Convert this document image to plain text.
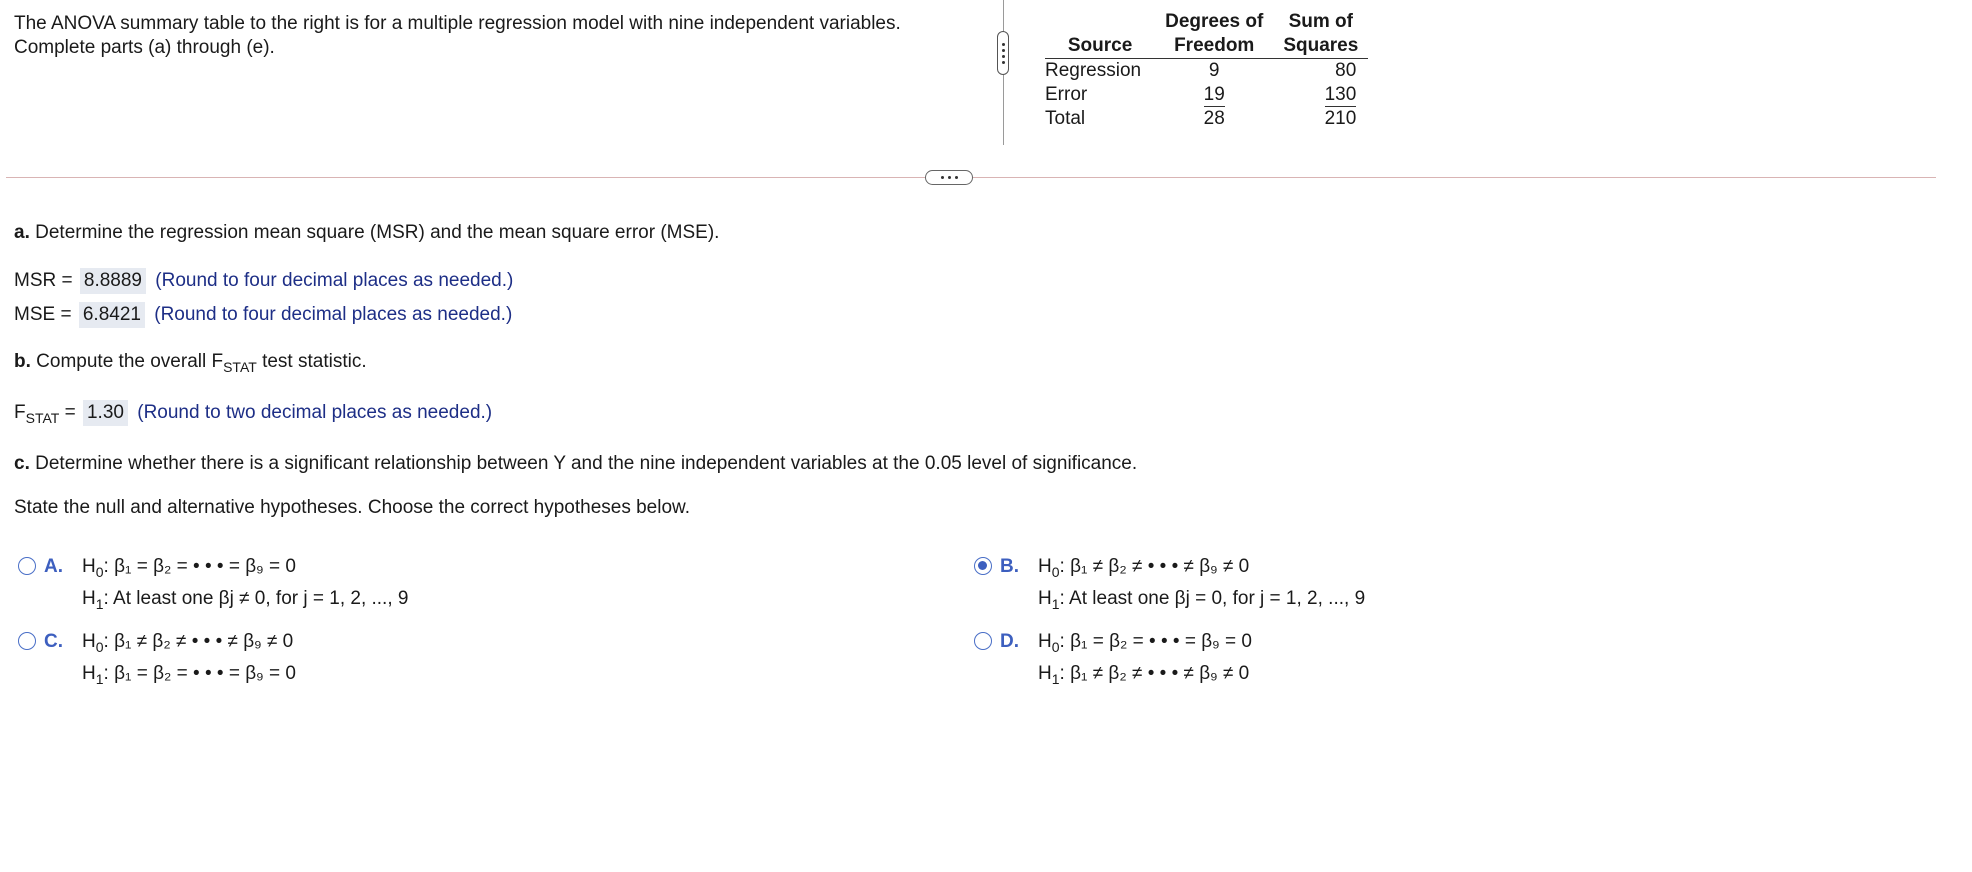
The ANOVA summary table to the right is for a multiple regression model with nine independent variables.
Complete parts (a) through (e).
	Degrees of	Sum of
Source	Freedom	Squares
Regression	9	80
Error	19	130
Total	28	210
a. Determine the regression mean square (MSR) and the mean square error (MSE).
MSR = 8.8889 (Round to four decimal places as needed.)
MSE = 6.8421 (Round to four decimal places as needed.)
b. Compute the overall $F_{STAT}$ test statistic.
$F_{STAT} = 1.30$ (Round to two decimal places as needed.)
c. Determine whether there is a significant relationship between Y and the nine independent variables at the 0.05 level of significance.
State the null and alternative hypotheses. Choose the correct hypotheses below.
A. $H_0$: β₁ = β₂ = • • • = β₉ = 0
$H_1$: At least one βj ≠ 0, for j = 1, 2, ..., 9
B. $H_0$: β₁ ≠ β₂ ≠ • • • ≠ β₉ ≠ 0
$H_1$: At least one βj = 0, for j = 1, 2, ..., 9
C. $H_0$: β₁ ≠ β₂ ≠ • • • ≠ β₉ ≠ 0
$H_1$: β₁ = β₂ = • • • = β₉ = 0
D. $H_0$: β₁ = β₂ = • • • = β₉ = 0
$H_1$: β₁ ≠ β₂ ≠ • • • ≠ β₉ ≠ 0
